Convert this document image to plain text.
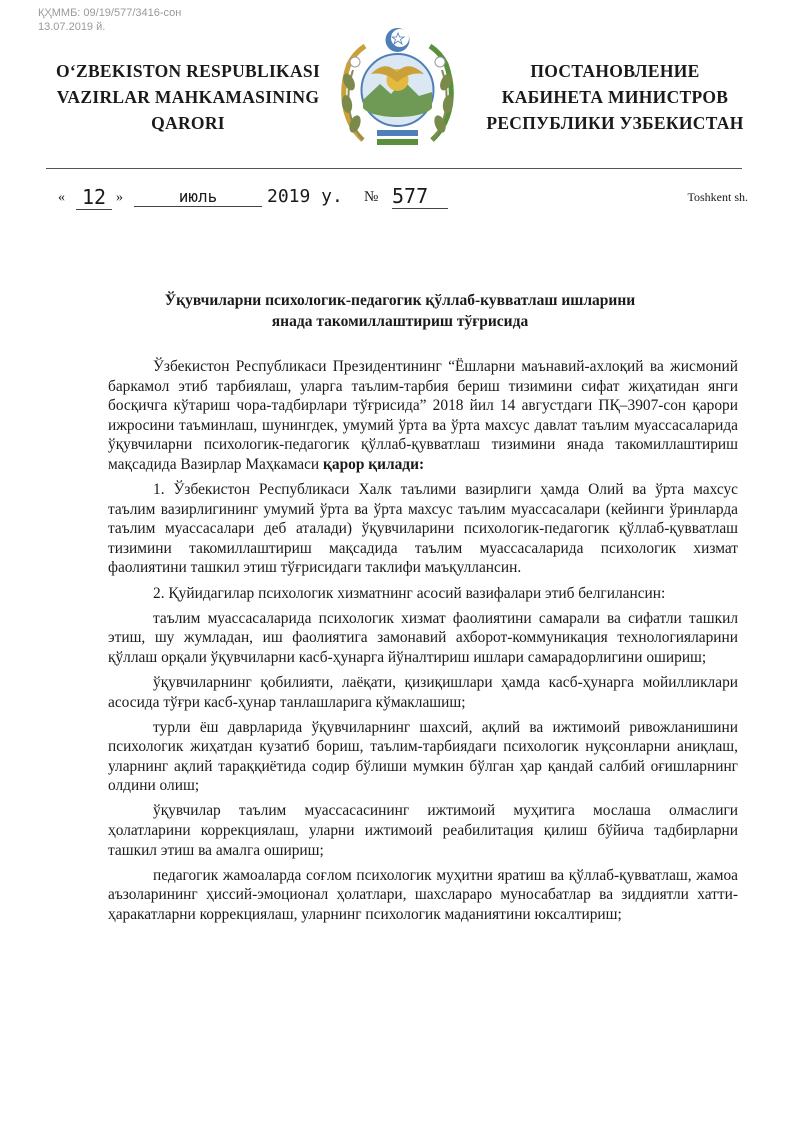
ҚҲММБ: 09/19/577/3416-сон
13.07.2019 й.
O‘ZBEKISTON RESPUBLIKASI
VAZIRLAR MAHKAMASINING
QARORI
ПОСТАНОВЛЕНИЕ
КАБИНЕТА МИНИСТРОВ
РЕСПУБЛИКИ УЗБЕКИСТАН
« 12 »	июль	2019 y. № 577	Toshkent sh.
Ўқувчиларни психологик-педагогик қўллаб-кувватлаш ишларини
янада такомиллаштириш тўғрисида

Ўзбекистон Республикаси Президентининг “Ёшларни маънавий-ахлоқий ва жисмоний баркамол этиб тарбиялаш, уларга таълим-тарбия бериш тизимини сифат жиҳатидан янги босқичга кўтариш чора-тадбирлари тўғрисида” 2018 йил 14 августдаги ПҚ–3907-сон қарори ижросини таъминлаш, шунингдек, умумий ўрта ва ўрта махсус давлат таълим муассасаларида ўқувчиларни психологик-педагогик қўллаб-қувватлаш тизимини янада такомиллаштириш мақсадида Вазирлар Маҳкамаси қарор қилади:

1. Ўзбекистон Республикаси Халк таълими вазирлиги ҳамда Олий ва ўрта махсус таълим вазирлигининг умумий ўрта ва ўрта махсус таълим муассасалари (кейинги ўринларда таълим муассасалари деб аталади) ўқувчиларини психологик-педагогик қўллаб-қувватлаш тизимини такомиллаштириш мақсадида таълим муассасаларида психологик хизмат фаолиятини ташкил этиш тўғрисидаги таклифи маъқуллансин.

2. Қуйидагилар психологик хизматнинг асосий вазифалари этиб белгилансин:

таълим муассасаларида психологик хизмат фаолиятини самарали ва сифатли ташкил этиш, шу жумладан, иш фаолиятига замонавий ахборот-коммуникация технологияларини қўллаш орқали ўқувчиларни касб-ҳунарга йўналтириш ишлари самарадорлигини ошириш;

ўқувчиларнинг қобилияти, лаёқати, қизиқишлари ҳамда касб-ҳунарга мойилликлари асосида тўғри касб-ҳунар танлашларига кўмаклашиш;

турли ёш даврларида ўқувчиларнинг шахсий, ақлий ва ижтимоий ривожланишини психологик жиҳатдан кузатиб бориш, таълим-тарбиядаги психологик нуқсонларни аниқлаш, уларнинг ақлий тараққиётида содир бўлиши мумкин бўлган ҳар қандай салбий оғишларнинг олдини олиш;

ўқувчилар таълим муассасасининг ижтимоий муҳитига мослаша олмаслиги ҳолатларини коррекциялаш, уларни ижтимоий реабилитация қилиш бўйича тадбирларни ташкил этиш ва амалга ошириш;

педагогик жамоаларда соғлом психологик муҳитни яратиш ва қўллаб-қувватлаш, жамоа аъзоларининг ҳиссий-эмоционал ҳолатлари, шахслараро муносабатлар ва зиддиятли хатти-ҳаракатларни коррекциялаш, уларнинг психологик маданиятини юксалтириш;
